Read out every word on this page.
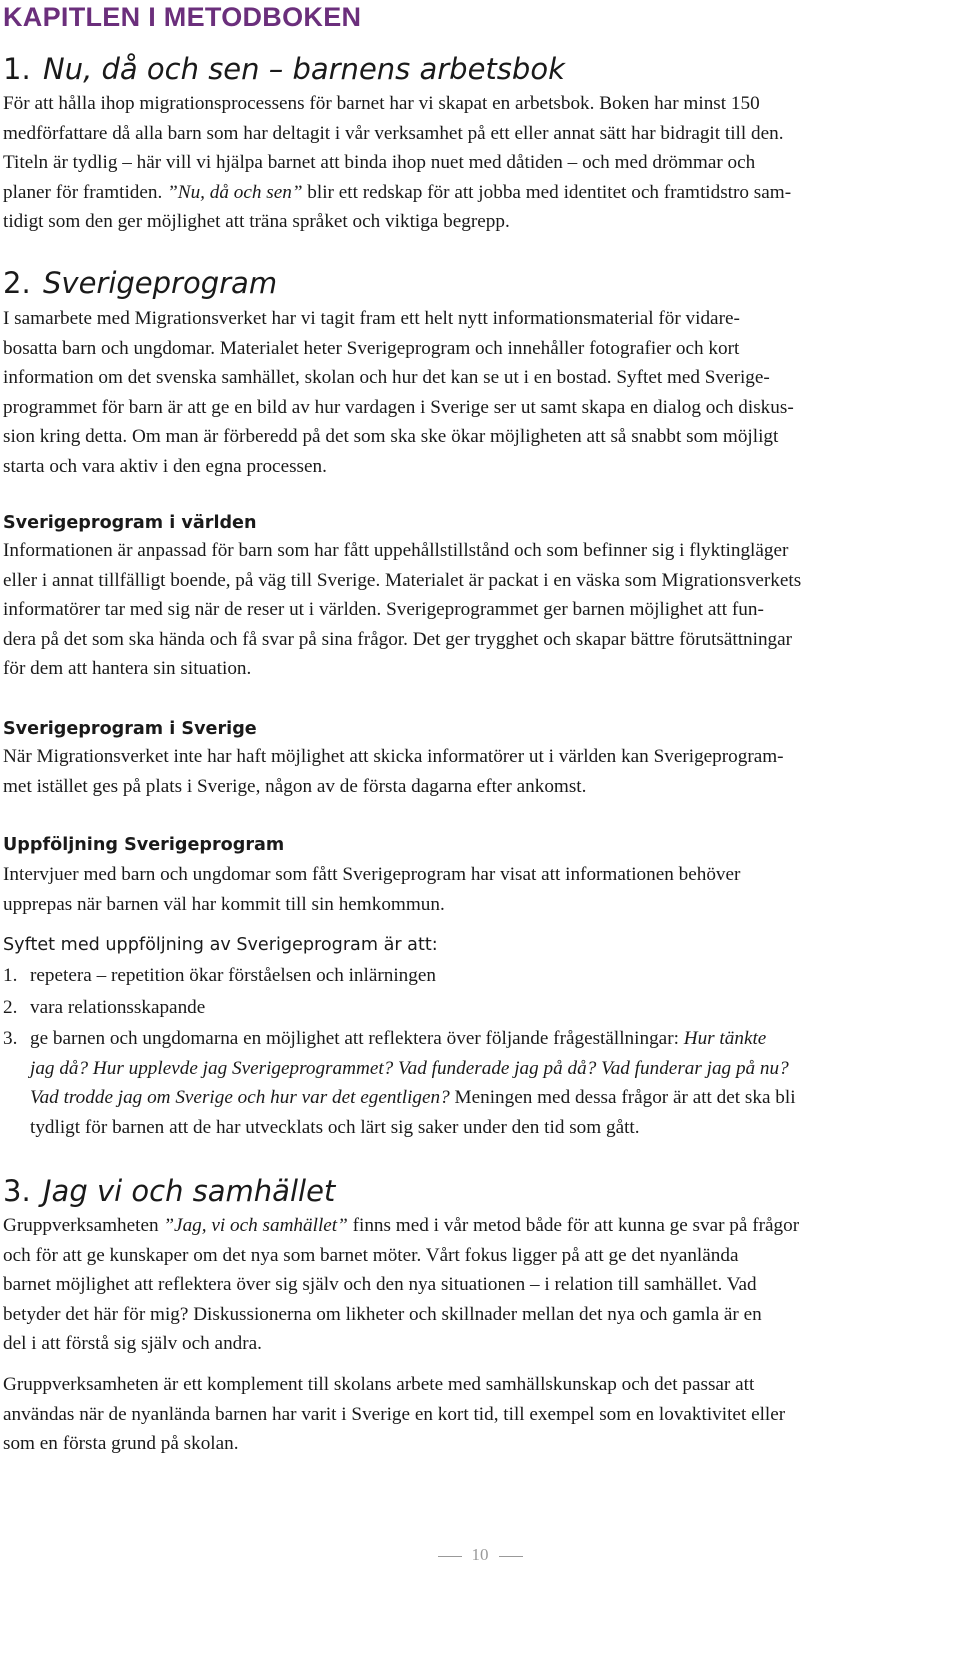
KAPITLEN I METODBOKEN
1. Nu, då och sen – barnens arbetsbok
För att hålla ihop migrationsprocessens för barnet har vi skapat en arbetsbok. Boken har minst 150
medförfattare då alla barn som har deltagit i vår verksamhet på ett eller annat sätt har bidragit till den.
Titeln är tydlig – här vill vi hjälpa barnet att binda ihop nuet med dåtiden – och med drömmar och
planer för framtiden. ”Nu, då och sen” blir ett redskap för att jobba med identitet och framtidstro sam-
tidigt som den ger möjlighet att träna språket och viktiga begrepp.
2. Sverigeprogram
I samarbete med Migrationsverket har vi tagit fram ett helt nytt informationsmaterial för vidare-
bosatta barn och ungdomar. Materialet heter Sverigeprogram och innehåller fotografier och kort
information om det svenska samhället, skolan och hur det kan se ut i en bostad. Syftet med Sverige-
programmet för barn är att ge en bild av hur vardagen i Sverige ser ut samt skapa en dialog och diskus-
sion kring detta. Om man är förberedd på det som ska ske ökar möjligheten att så snabbt som möjligt
starta och vara aktiv i den egna processen.
Sverigeprogram i världen
Informationen är anpassad för barn som har fått uppehållstillstånd och som befinner sig i flyktingläger
eller i annat tillfälligt boende, på väg till Sverige. Materialet är packat i en väska som Migrationsverkets
informatörer tar med sig när de reser ut i världen. Sverigeprogrammet ger barnen möjlighet att fun-
dera på det som ska hända och få svar på sina frågor. Det ger trygghet och skapar bättre förutsättningar
för dem att hantera sin situation.
Sverigeprogram i Sverige
När Migrationsverket inte har haft möjlighet att skicka informatörer ut i världen kan Sverigeprogram-
met istället ges på plats i Sverige, någon av de första dagarna efter ankomst.
Uppföljning Sverigeprogram
Intervjuer med barn och ungdomar som fått Sverigeprogram har visat att informationen behöver
upprepas när barnen väl har kommit till sin hemkommun.
Syftet med uppföljning av Sverigeprogram är att:
1. repetera – repetition ökar förståelsen och inlärningen
2. vara relationsskapande
3. ge barnen och ungdomarna en möjlighet att reflektera över följande frågeställningar: Hur tänkte
jag då? Hur upplevde jag Sverigeprogrammet? Vad funderade jag på då? Vad funderar jag på nu?
Vad trodde jag om Sverige och hur var det egentligen? Meningen med dessa frågor är att det ska bli
tydligt för barnen att de har utvecklats och lärt sig saker under den tid som gått.
3. Jag vi och samhället
Gruppverksamheten ”Jag, vi och samhället” finns med i vår metod både för att kunna ge svar på frågor
och för att ge kunskaper om det nya som barnet möter. Vårt fokus ligger på att ge det nyanlända
barnet möjlighet att reflektera över sig själv och den nya situationen – i relation till samhället. Vad
betyder det här för mig? Diskussionerna om likheter och skillnader mellan det nya och gamla är en
del i att förstå sig själv och andra.
Gruppverksamheten är ett komplement till skolans arbete med samhällskunskap och det passar att
användas när de nyanlända barnen har varit i Sverige en kort tid, till exempel som en lovaktivitet eller
som en första grund på skolan.
10
